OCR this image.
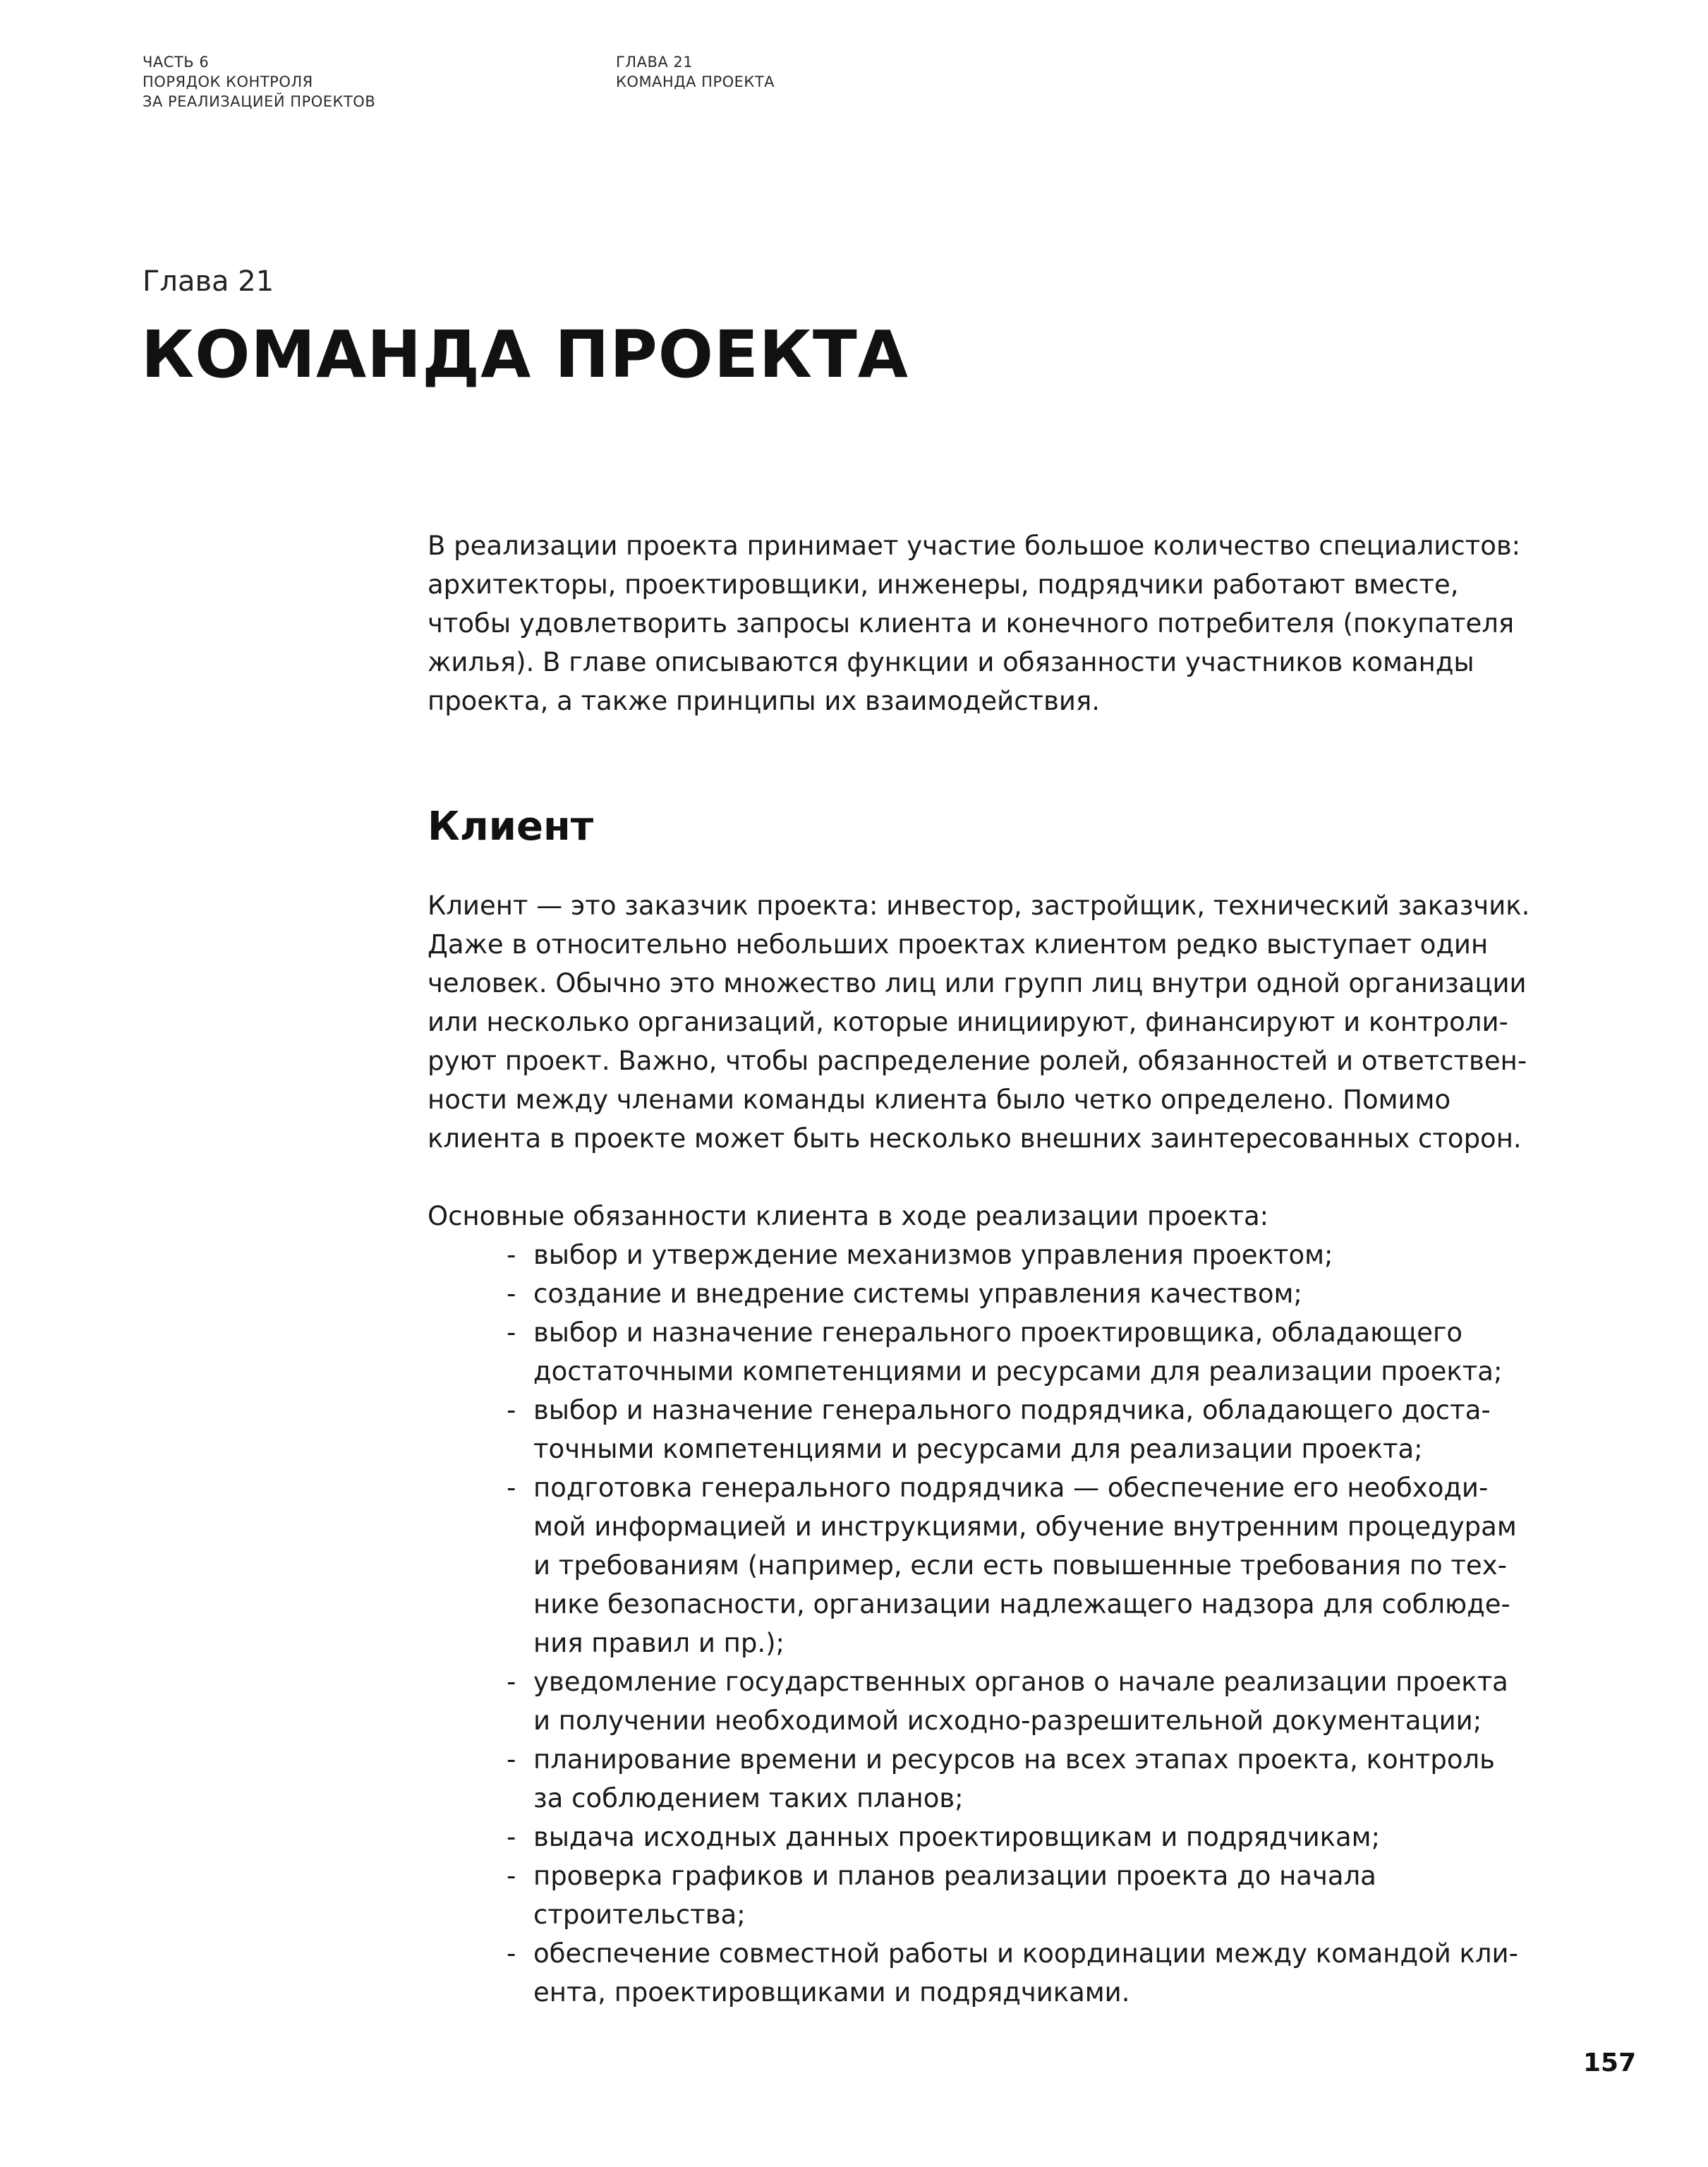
ЧАСТЬ 6
ПОРЯДОК КОНТРОЛЯ
ЗА РЕАЛИЗАЦИЕЙ ПРОЕКТОВ
ГЛАВА 21
КОМАНДА ПРОЕКТА
Глава 21
КОМАНДА ПРОЕКТА

В реализации проекта принимает участие большое количество специалистов:
архитекторы, проектировщики, инженеры, подрядчики работают вместе,
чтобы удовлетворить запросы клиента и конечного потребителя (покупателя
жилья). В главе описываются функции и обязанности участников команды
проекта, а также принципы их взаимодействия.

Клиент

Клиент — это заказчик проекта: инвестор, застройщик, технический заказчик.
Даже в относительно небольших проектах клиентом редко выступает один
человек. Обычно это множество лиц или групп лиц внутри одной организации
или несколько организаций, которые инициируют, финансируют и контроли-
руют проект. Важно, чтобы распределение ролей, обязанностей и ответствен-
ности между членами команды клиента было четко определено. Помимо
клиента в проекте может быть несколько внешних заинтересованных сторон.

Основные обязанности клиента в ходе реализации проекта:

- выбор и утверждение механизмов управления проектом;
- создание и внедрение системы управления качеством;
- выбор и назначение генерального проектировщика, обладающего
достаточными компетенциями и ресурсами для реализации проекта;
- выбор и назначение генерального подрядчика, обладающего доста-
точными компетенциями и ресурсами для реализации проекта;
- подготовка генерального подрядчика — обеспечение его необходи-
мой информацией и инструкциями, обучение внутренним процедурам
и требованиям (например, если есть повышенные требования по тех-
нике безопасности, организации надлежащего надзора для соблюде-
ния правил и пр.);
- уведомление государственных органов о начале реализации проекта
и получении необходимой исходно-разрешительной документации;
- планирование времени и ресурсов на всех этапах проекта, контроль
за соблюдением таких планов;
- выдача исходных данных проектировщикам и подрядчикам;
- проверка графиков и планов реализации проекта до начала
строительства;
- обеспечение совместной работы и координации между командой кли-
ента, проектировщиками и подрядчиками.
157
